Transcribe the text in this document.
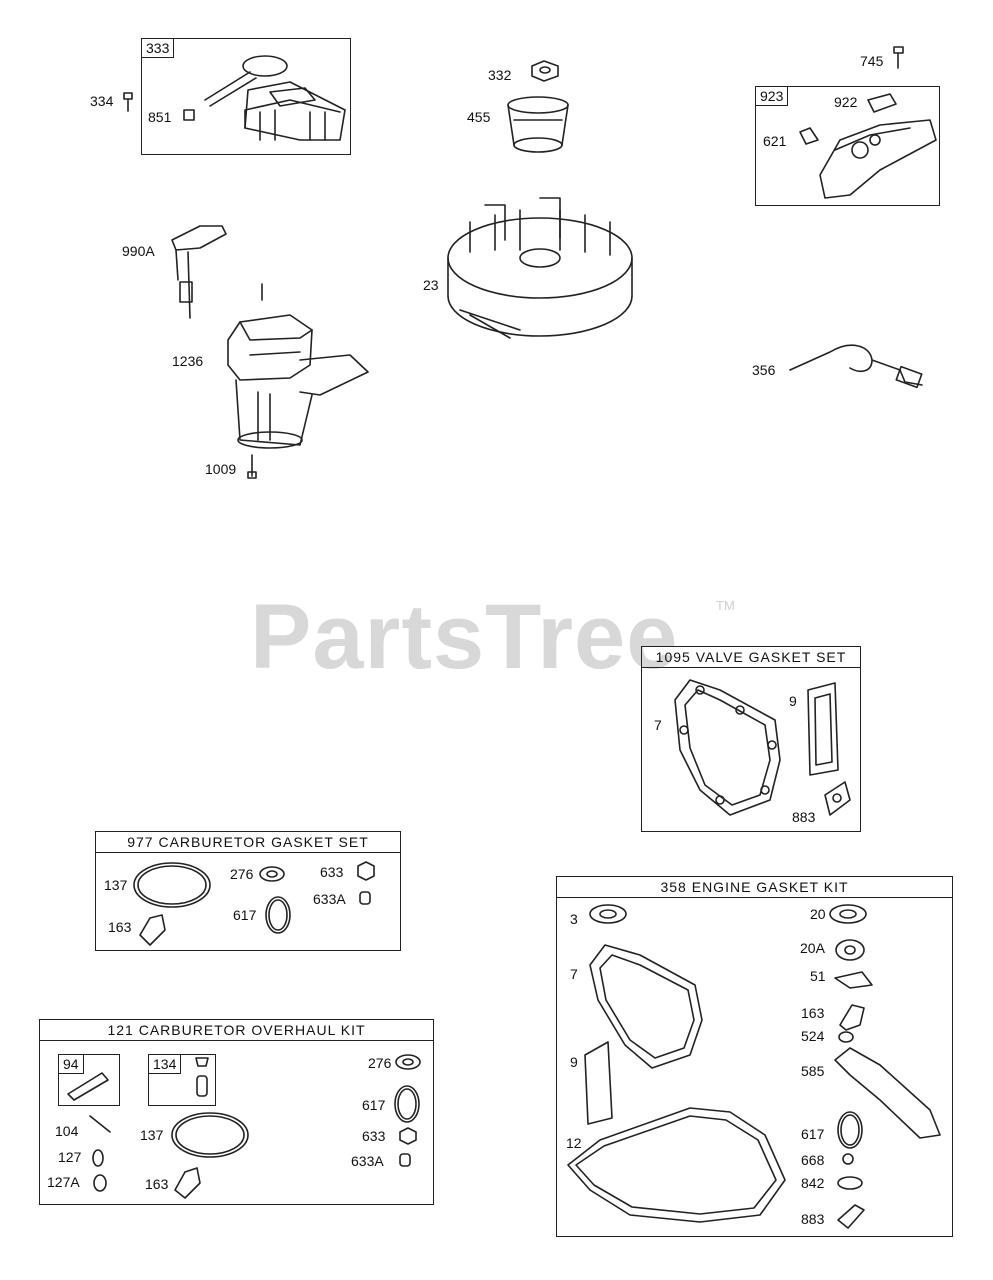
PartsTree	TM
333
334
851
332
455
745
923	922
621
990A
1236
1009
23
356
1095 VALVE GASKET SET
7
9
883
977 CARBURETOR GASKET SET
137
163
276
617
633
633A
121 CARBURETOR OVERHAUL KIT
94	134	276
617
633
633A
104
127
127A
137
163
358 ENGINE GASKET KIT
3
7
9
12
20
20A
51
163
524
585
617
668
842
883
